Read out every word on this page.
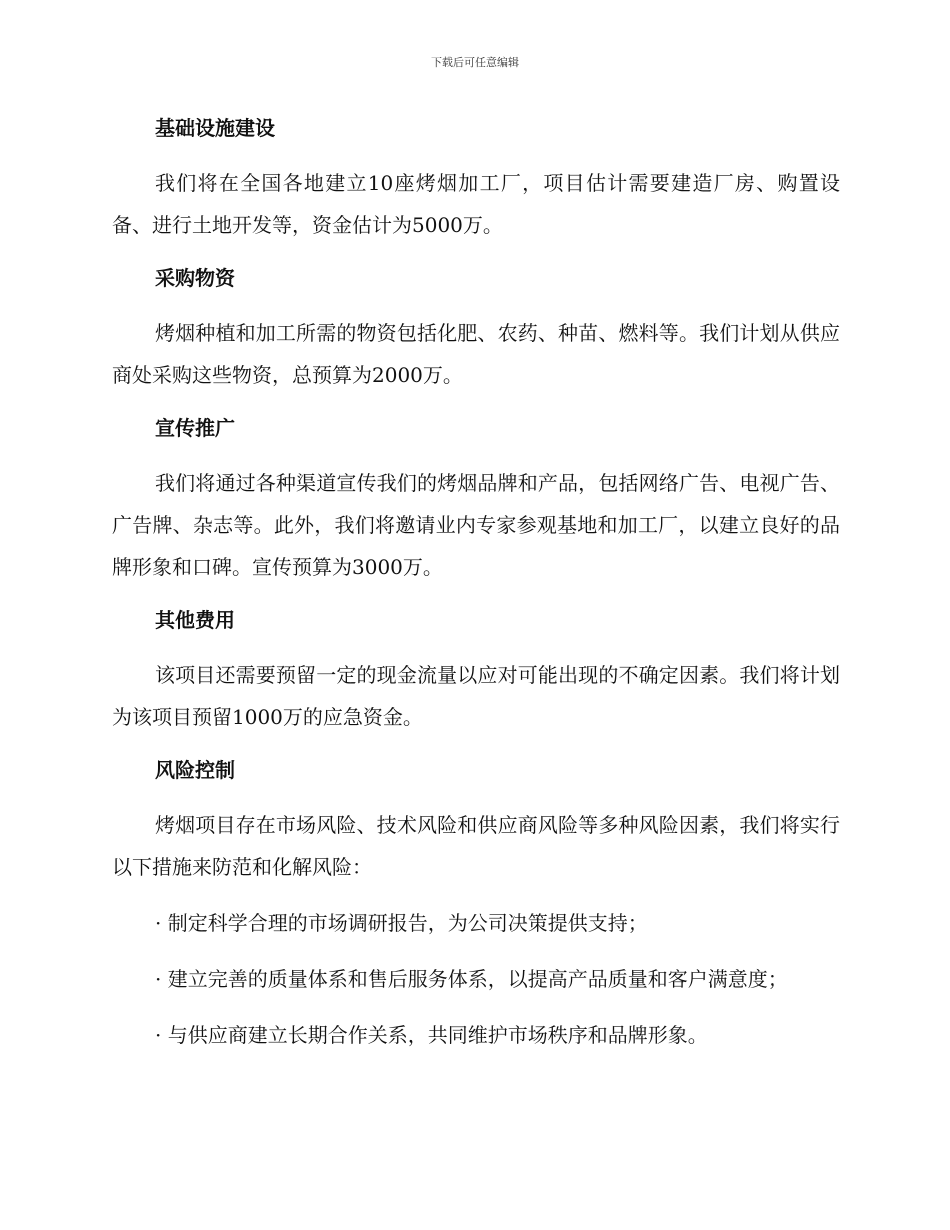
下载后可任意编辑
基础设施建设

我们将在全国各地建立10座烤烟加工厂，项目估计需要建造厂房、购置设备、进行土地开发等，资金估计为5000万。

采购物资

烤烟种植和加工所需的物资包括化肥、农药、种苗、燃料等。我们计划从供应商处采购这些物资，总预算为2000万。

宣传推广

我们将通过各种渠道宣传我们的烤烟品牌和产品，包括网络广告、电视广告、广告牌、杂志等。此外，我们将邀请业内专家参观基地和加工厂，以建立良好的品牌形象和口碑。宣传预算为3000万。

其他费用

该项目还需要预留一定的现金流量以应对可能出现的不确定因素。我们将计划为该项目预留1000万的应急资金。

风险控制

烤烟项目存在市场风险、技术风险和供应商风险等多种风险因素，我们将实行以下措施来防范和化解风险：

· 制定科学合理的市场调研报告，为公司决策提供支持；

· 建立完善的质量体系和售后服务体系，以提高产品质量和客户满意度；

· 与供应商建立长期合作关系，共同维护市场秩序和品牌形象。
